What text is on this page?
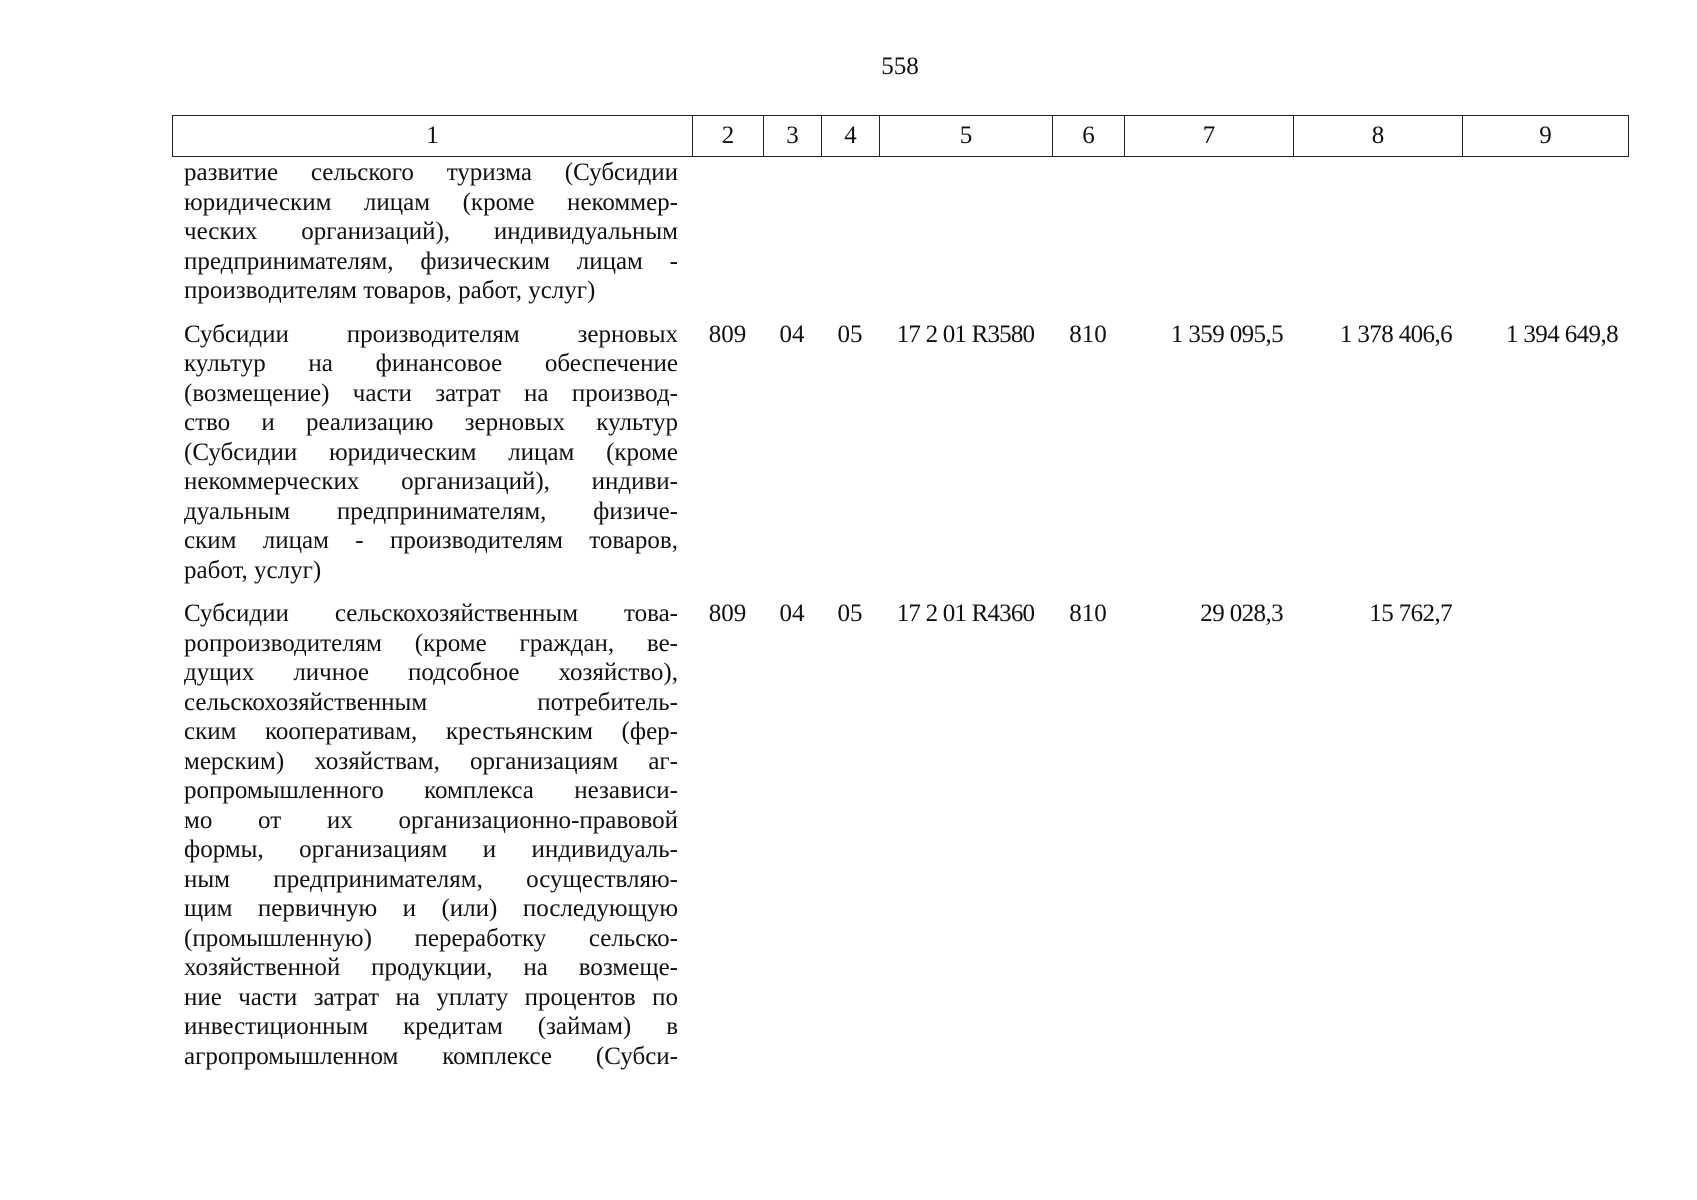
558
1	2	3	4	5	6	7	8	9
развитие сельского туризма (Субсидии
юридическим лицам (кроме некоммер-
ческих организаций), индивидуальным
предпринимателям, физическим лицам -
производителям товаров, работ, услуг)
Субсидии производителям зерновых
культур на финансовое обеспечение
(возмещение) части затрат на производ-
ство и реализацию зерновых культур
(Субсидии юридическим лицам (кроме
некоммерческих организаций), индиви-
дуальным предпринимателям, физиче-
ским лицам - производителям товаров,
работ, услуг)
809	04	05	17 2 01 R3580	810	1 359 095,5	1 378 406,6	1 394 649,8
Субсидии сельскохозяйственным това-
ропроизводителям (кроме граждан, ве-
дущих личное подсобное хозяйство),
сельскохозяйственным потребитель-
ским кооперативам, крестьянским (фер-
мерским) хозяйствам, организациям аг-
ропромышленного комплекса независи-
мо от их организационно-правовой
формы, организациям и индивидуаль-
ным предпринимателям, осуществляю-
щим первичную и (или) последующую
(промышленную) переработку сельско-
хозяйственной продукции, на возмеще-
ние части затрат на уплату процентов по
инвестиционным кредитам (займам) в
агропромышленном комплексе (Субси-
809	04	05	17 2 01 R4360	810	29 028,3	15 762,7
